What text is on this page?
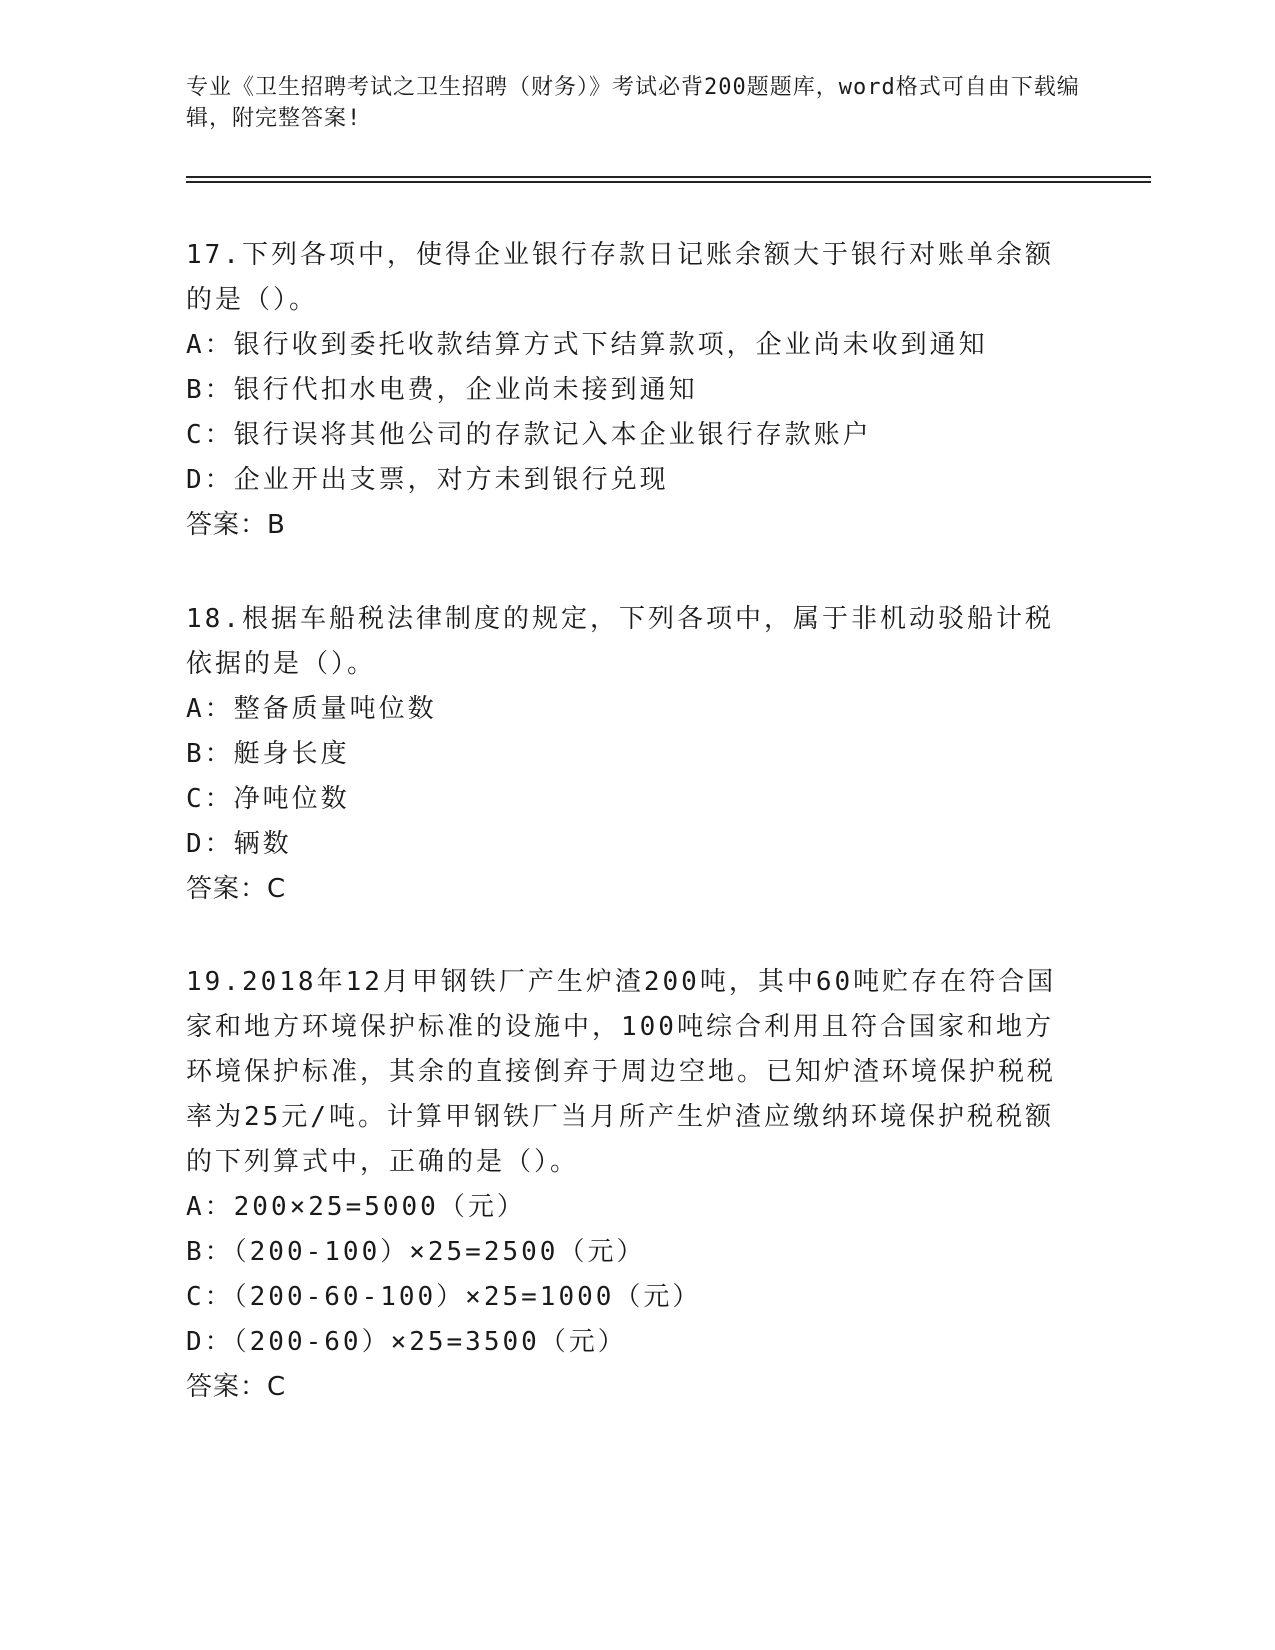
专业《卫生招聘考试之卫生招聘（财务）》考试必背200题题库，word格式可自由下载编辑，附完整答案!

17.下列各项中，使得企业银行存款日记账余额大于银行对账单余额的是（）。

A：银行收到委托收款结算方式下结算款项，企业尚未收到通知

B：银行代扣水电费，企业尚未接到通知

C：银行误将其他公司的存款记入本企业银行存款账户

D：企业开出支票，对方未到银行兑现

答案：B

18.根据车船税法律制度的规定，下列各项中，属于非机动驳船计税依据的是（）。

A：整备质量吨位数

B：艇身长度

C：净吨位数

D：辆数

答案：C

19.2018年12月甲钢铁厂产生炉渣200吨，其中60吨贮存在符合国家和地方环境保护标准的设施中，100吨综合利用且符合国家和地方环境保护标准，其余的直接倒弃于周边空地。已知炉渣环境保护税税率为25元/吨。计算甲钢铁厂当月所产生炉渣应缴纳环境保护税税额的下列算式中，正确的是（）。

A：200×25=5000（元）

B：（200-100）×25=2500（元）

C：（200-60-100）×25=1000（元）

D：（200-60）×25=3500（元）

答案：C
